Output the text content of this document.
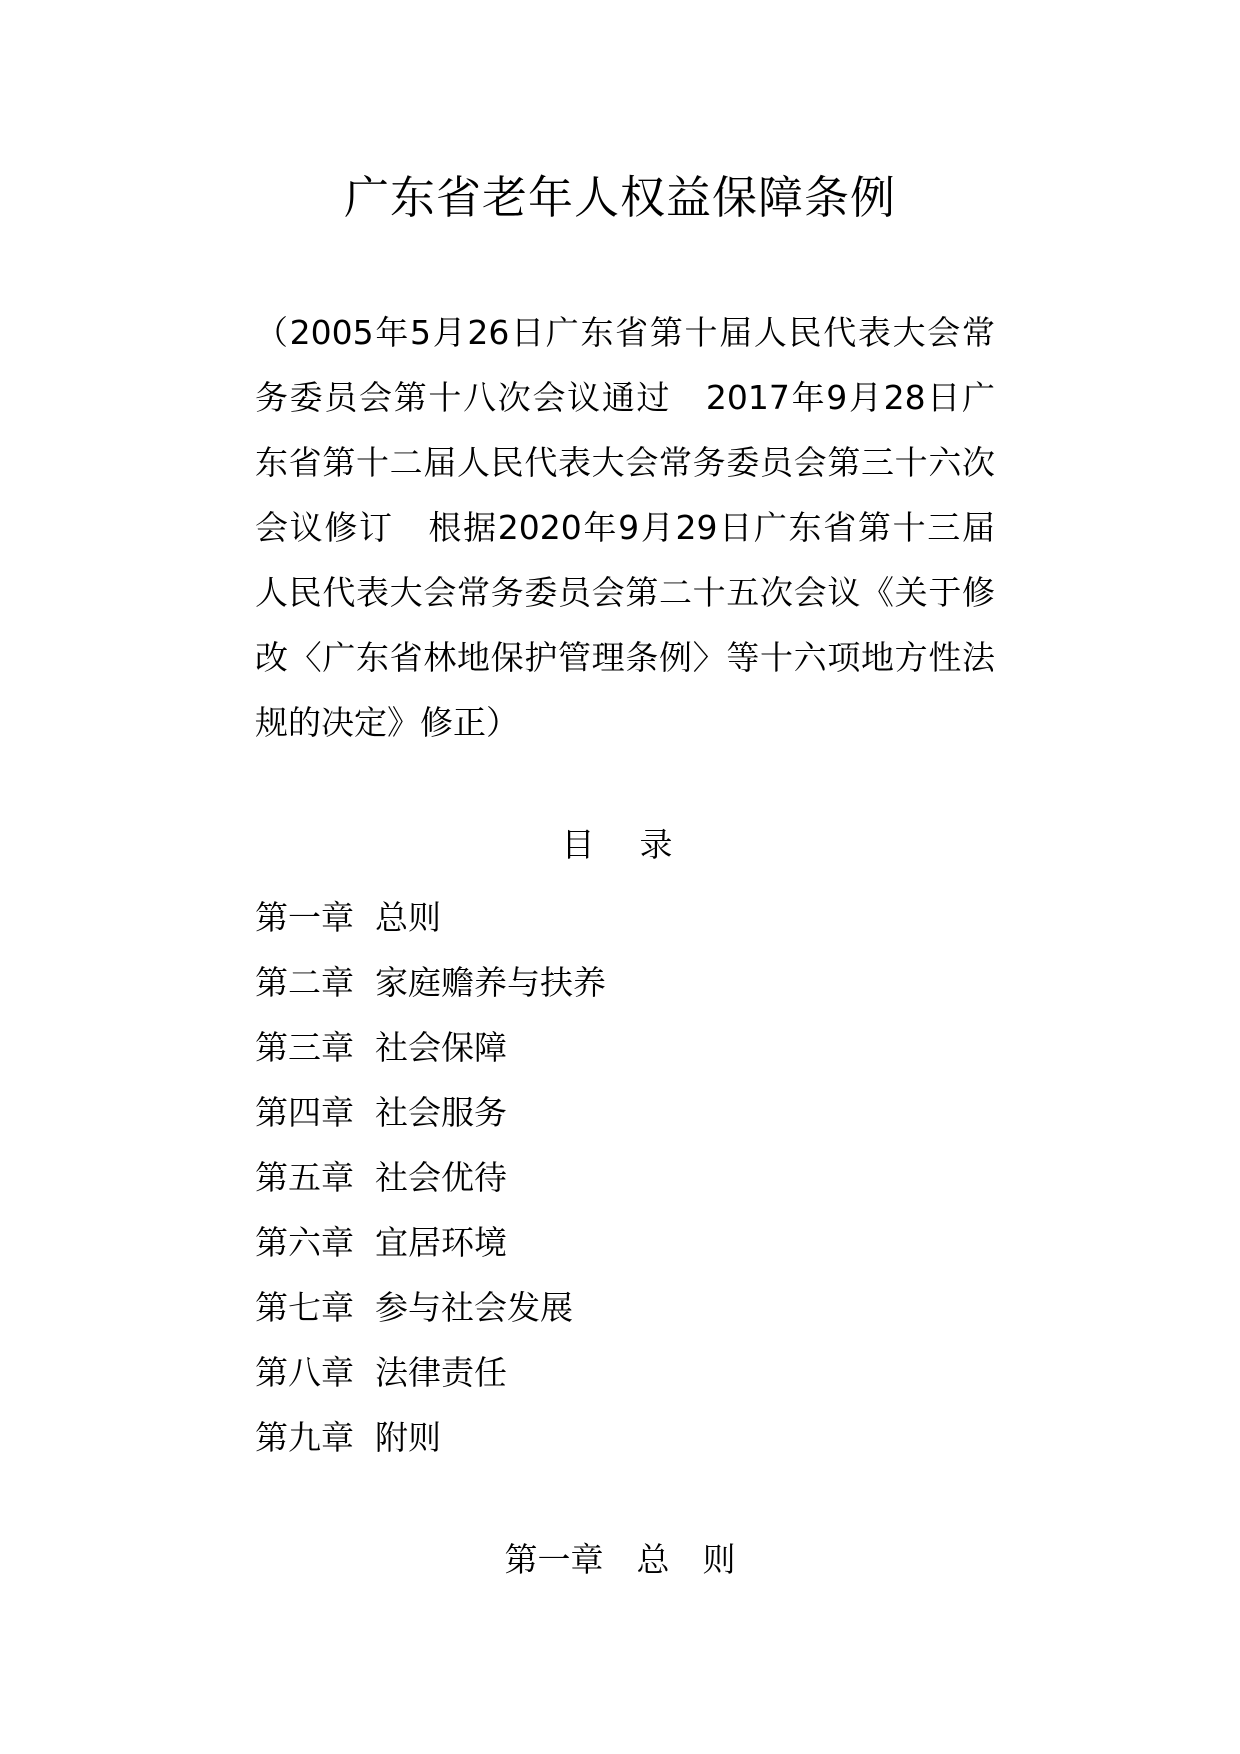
广东省老年人权益保障条例
（2005年5月26日广东省第十届人民代表大会常务委员会第十八次会议通过　2017年9月28日广东省第十二届人民代表大会常务委员会第三十六次会议修订　根据2020年9月29日广东省第十三届人民代表大会常务委员会第二十五次会议《关于修改〈广东省林地保护管理条例〉等十六项地方性法规的决定》修正）
目　录
第一章 总则
第二章 家庭赡养与扶养
第三章 社会保障
第四章 社会服务
第五章 社会优待
第六章 宜居环境
第七章 参与社会发展
第八章 法律责任
第九章 附则
第一章　总　则
